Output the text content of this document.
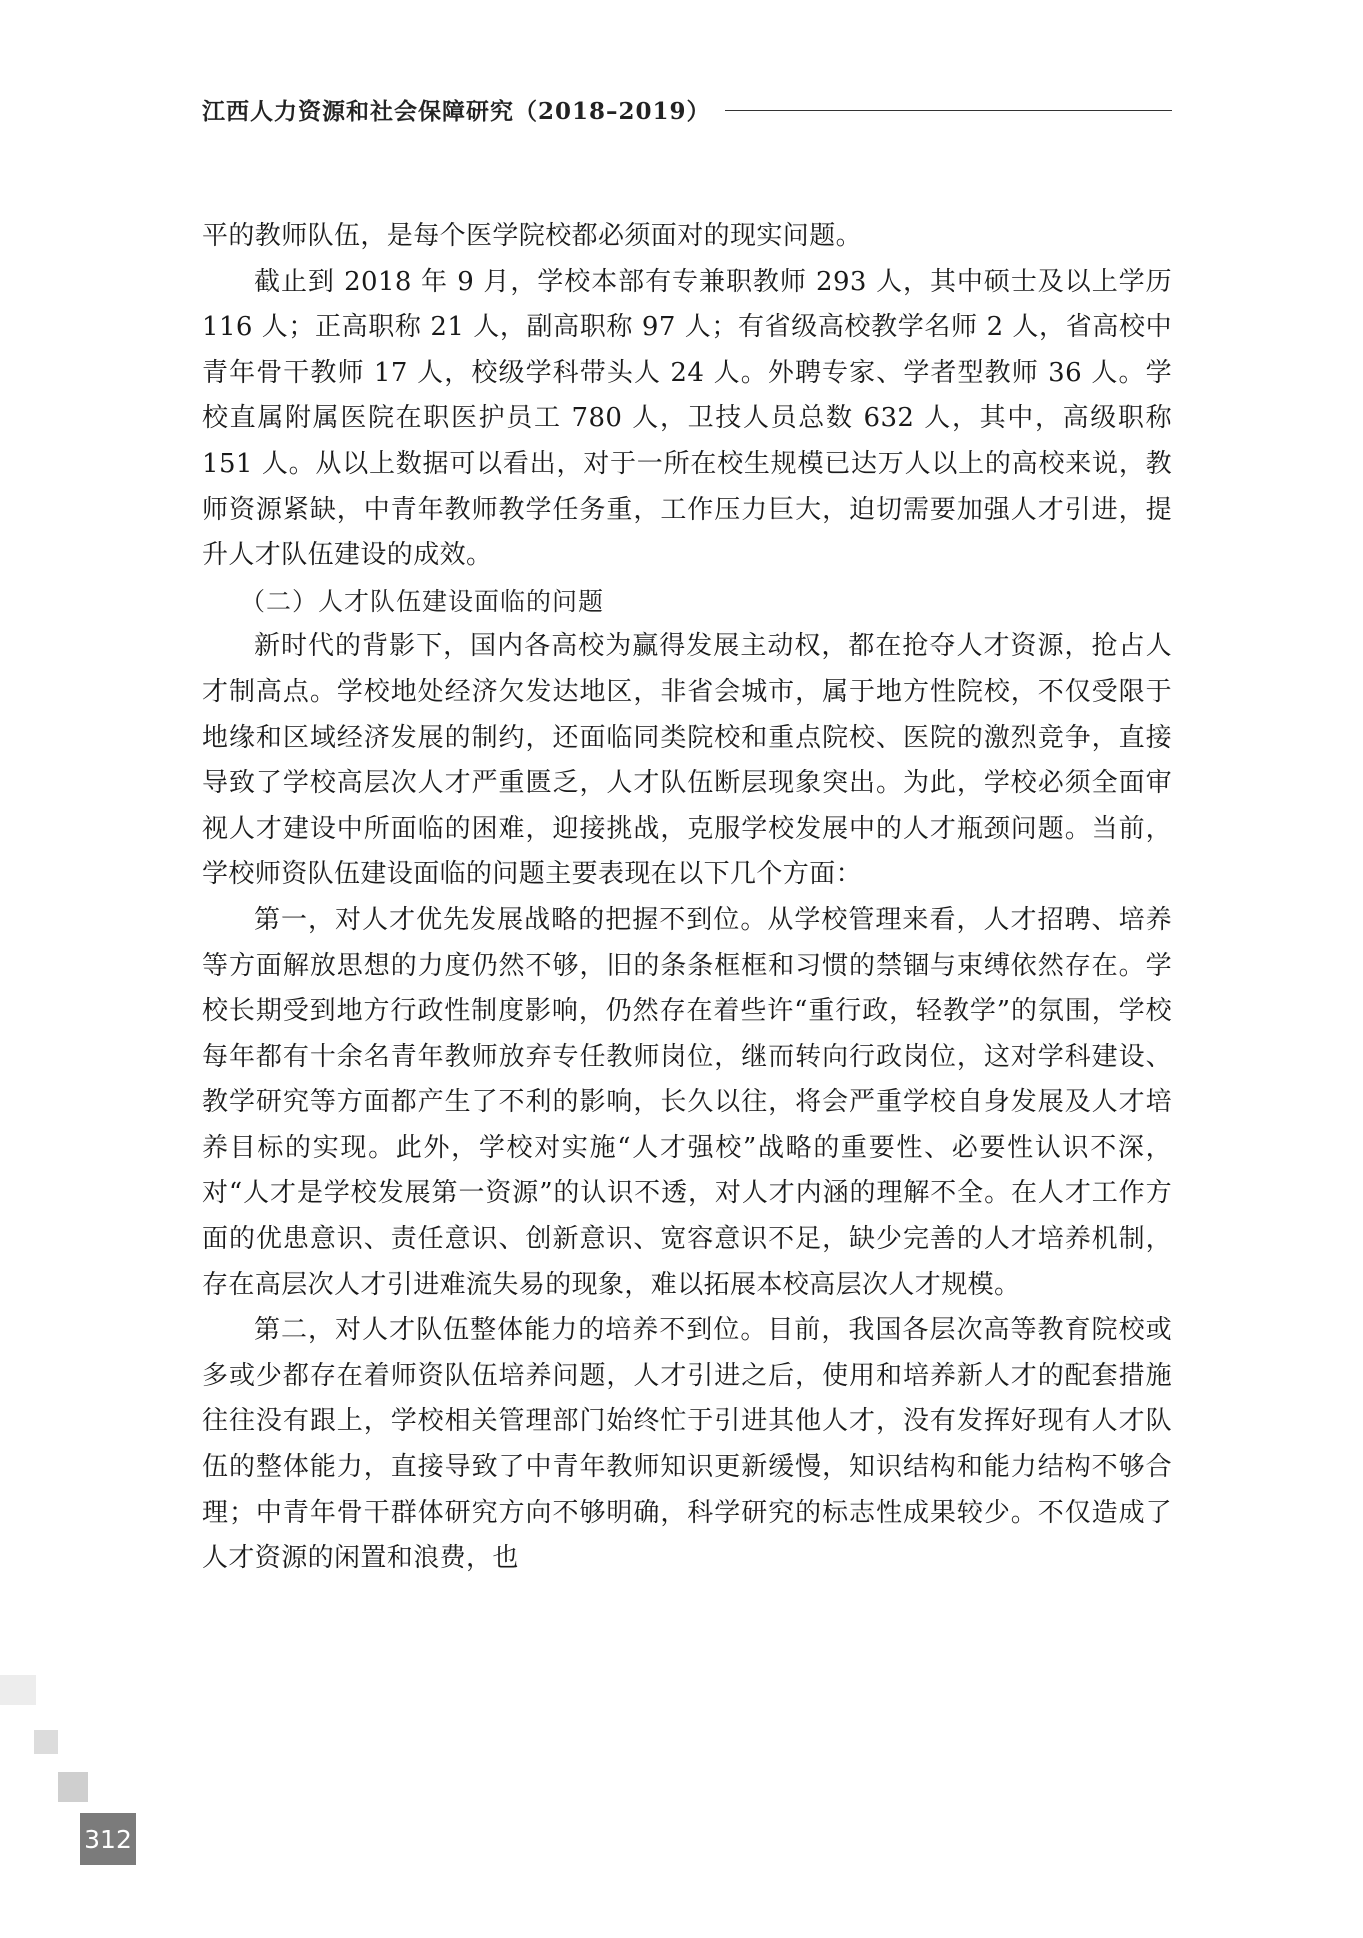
江西人力资源和社会保障研究（2018–2019）

平的教师队伍，是每个医学院校都必须面对的现实问题。

截止到 2018 年 9 月，学校本部有专兼职教师 293 人，其中硕士及以上学历 116 人；正高职称 21 人，副高职称 97 人；有省级高校教学名师 2 人，省高校中青年骨干教师 17 人，校级学科带头人 24 人。外聘专家、学者型教师 36 人。学校直属附属医院在职医护员工 780 人，卫技人员总数 632 人，其中，高级职称 151 人。从以上数据可以看出，对于一所在校生规模已达万人以上的高校来说，教师资源紧缺，中青年教师教学任务重，工作压力巨大，迫切需要加强人才引进，提升人才队伍建设的成效。

（二）人才队伍建设面临的问题

新时代的背影下，国内各高校为赢得发展主动权，都在抢夺人才资源，抢占人才制高点。学校地处经济欠发达地区，非省会城市，属于地方性院校，不仅受限于地缘和区域经济发展的制约，还面临同类院校和重点院校、医院的激烈竞争，直接导致了学校高层次人才严重匮乏，人才队伍断层现象突出。为此，学校必须全面审视人才建设中所面临的困难，迎接挑战，克服学校发展中的人才瓶颈问题。当前，学校师资队伍建设面临的问题主要表现在以下几个方面：

第一，对人才优先发展战略的把握不到位。从学校管理来看，人才招聘、培养等方面解放思想的力度仍然不够，旧的条条框框和习惯的禁锢与束缚依然存在。学校长期受到地方行政性制度影响，仍然存在着些许“重行政，轻教学”的氛围，学校每年都有十余名青年教师放弃专任教师岗位，继而转向行政岗位，这对学科建设、教学研究等方面都产生了不利的影响，长久以往，将会严重学校自身发展及人才培养目标的实现。此外，学校对实施“人才强校”战略的重要性、必要性认识不深，对“人才是学校发展第一资源”的认识不透，对人才内涵的理解不全。在人才工作方面的优患意识、责任意识、创新意识、宽容意识不足，缺少完善的人才培养机制，存在高层次人才引进难流失易的现象，难以拓展本校高层次人才规模。

第二，对人才队伍整体能力的培养不到位。目前，我国各层次高等教育院校或多或少都存在着师资队伍培养问题，人才引进之后，使用和培养新人才的配套措施往往没有跟上，学校相关管理部门始终忙于引进其他人才，没有发挥好现有人才队伍的整体能力，直接导致了中青年教师知识更新缓慢，知识结构和能力结构不够合理；中青年骨干群体研究方向不够明确，科学研究的标志性成果较少。不仅造成了人才资源的闲置和浪费，也

312
